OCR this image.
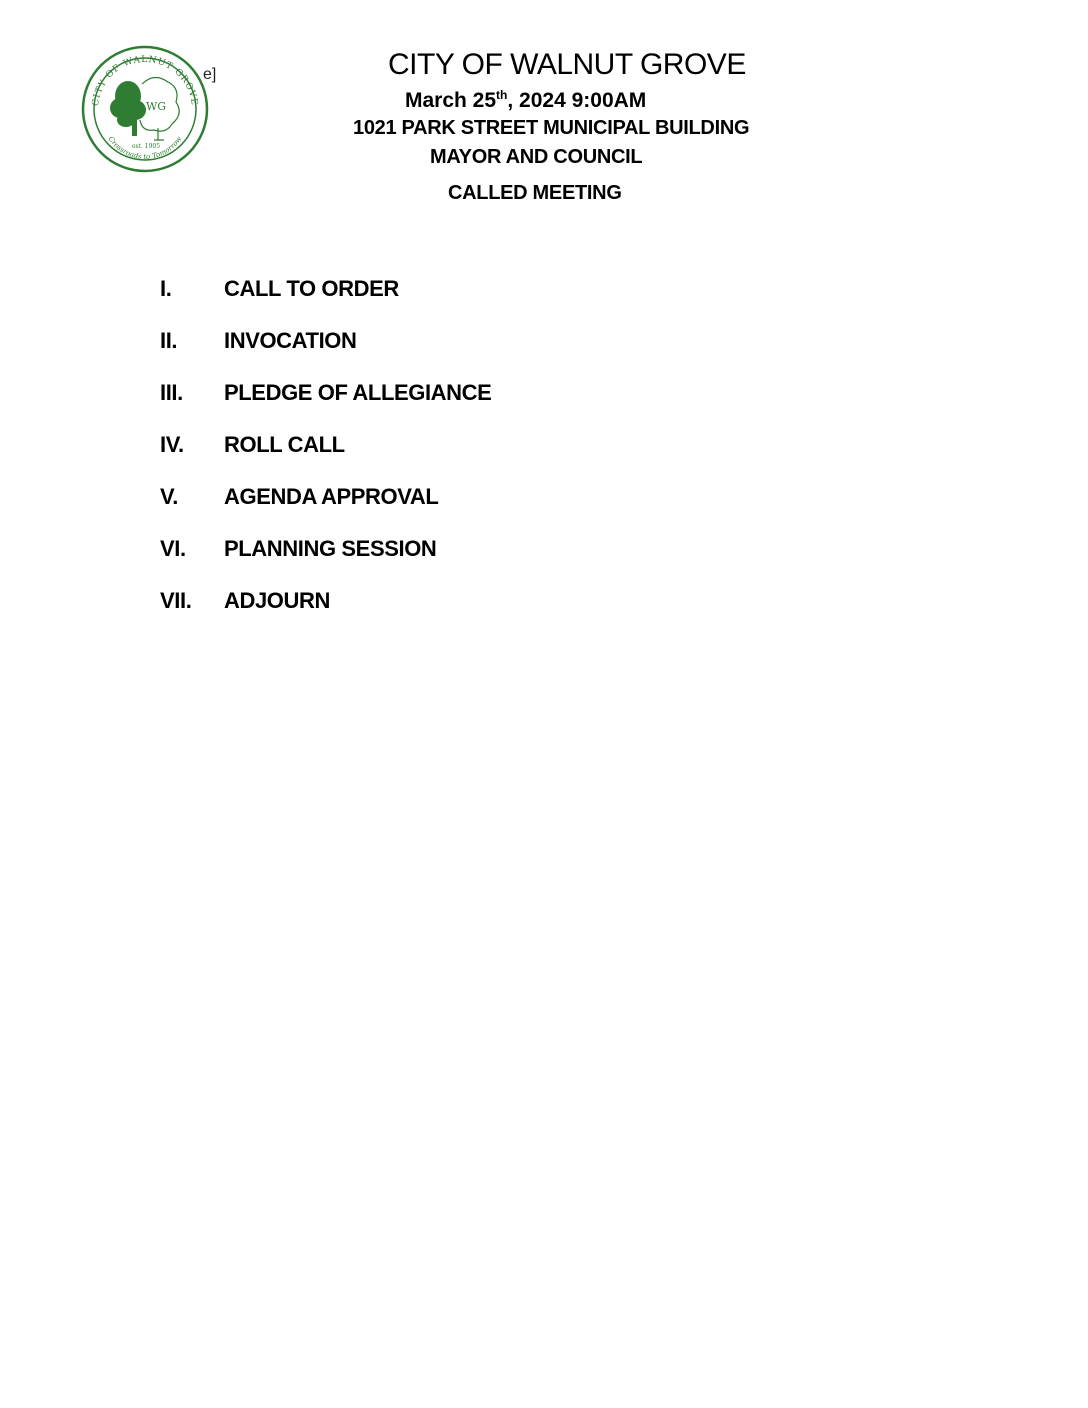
CITY OF WALNUT GROVE
Crossroads to Tomorrow
WG
est. 1905
e]	CITY OF WALNUT GROVE
March 25th, 2024 9:00AM
1021 PARK STREET MUNICIPAL BUILDING
MAYOR AND COUNCIL
CALLED MEETING
I.	CALL TO ORDER
II.	INVOCATION
III.	PLEDGE OF ALLEGIANCE
IV.	ROLL CALL
V.	AGENDA APPROVAL
VI.	PLANNING SESSION
VII.	ADJOURN
